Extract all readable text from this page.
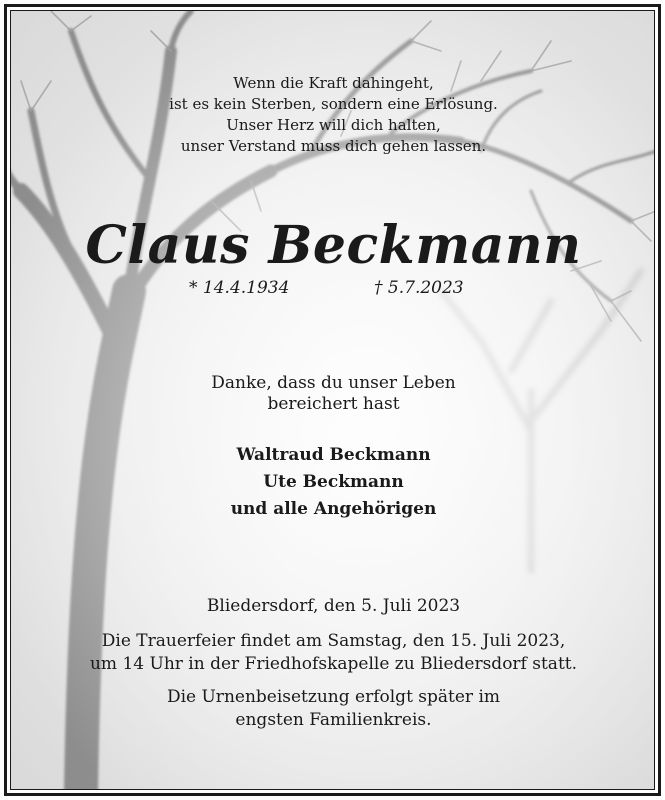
Wenn die Kraft dahingeht,
ist es kein Sterben, sondern eine Erlösung.
Unser Herz will dich halten,
unser Verstand muss dich gehen lassen.
Claus Beckmann
* 14.4.1934	† 5.7.2023
Danke, dass du unser Leben
bereichert hast
Waltraud Beckmann
Ute Beckmann
und alle Angehörigen
Bliedersdorf, den 5. Juli 2023
Die Trauerfeier findet am Samstag, den 15. Juli 2023,
um 14 Uhr in der Friedhofskapelle zu Bliedersdorf statt.
Die Urnenbeisetzung erfolgt später im
engsten Familienkreis.
